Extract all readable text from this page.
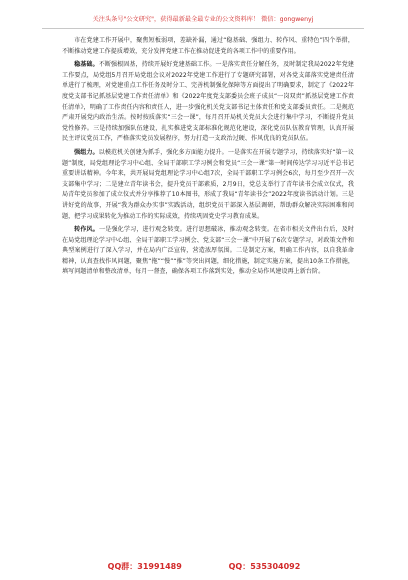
关注头条号"公文研究"，获得最新最全最专业的公文资料库！ 微信：gongwenyj

市在党建工作开展中，聚焦短板弱项，差缺补漏，通过“稳基础、强组力、转作风、重特色”四个举措，不断推动党建工作提质增效，充分发挥党建工作在推动促进党的各项工作中的重要作用。

稳基础。不断强根固基，持续开展好党建基础工作。一是落实责任分解任务，及时制定我局2022年党建工作要点，局党组5月召开局党组会议对2022年党建工作进行了专题研究部署，对各党支部落实党建责任清单进行了梳理，对党建重点工作任务及时分工、完善机制强化保障等方面提出了明确要求，制定了《2022年度党支部书记抓基层党建工作责任清单》和《2022年度党支部委员会班子成员“一岗双责”抓基层党建工作责任清单》，明确了工作责任内容和责任人，进一步强化机关党支部书记主体责任和党支部委员责任。二是规范严肃开展党内政治生活。按时按质落实“三会一课”，每月召开局机关党员大会进行集中学习，不断提升党员党性修养。三是持续加强队伍建设，扎实推进党支部标准化规范化建设，深化党员队伍教育管理，认真开展民主评议党员工作，严格落实党员发展程序，努力打造一支政治过硬、作风优良的党员队伍。

强组力。以模范机关创建为抓手，强化多方面能力提升。一是落实在开展专题学习，持续落实好“第一议题”制度，局党组理论学习中心组、全局干部职工学习例会和党员“三会一课”第一时间传达学习习近平总书记重要讲话精神。今年来，共开展局党组理论学习中心组7次，全局干部职工学习例会6次，每月至少召开一次支部集中学习；二是建立青年读书会，提升党员干部素质，2月9日，党总支举行了青年读书会成立仪式，我局青年党员参加了成立仪式并分享推荐了10本图书，形成了我局“青年读书会”2022年度读书活动计划。三是讲好党的故事，开展“我为群众办实事”实践活动，组织党员干部深入基层调研，帮助群众解决实际困难和问题，把学习成果转化为推动工作的实际成效，持续巩固党史学习教育成果。

转作风。一是强化学习，进行观念转变。进行思想破冰，推动观念转变。在省市相关文件出台后，及时在局党组理论学习中心组、全局干部职工学习例会、党支部“三会一课”中开展了6次专题学习，对政策文件和典型案例进行了深入学习，并在局内广泛宣传，营造浓厚氛围。二是制定方案，明确工作内容，以自我革命精神，认真查找作风问题，聚焦“拖”“慢”“推”等突出问题，细化措施，制定实施方案，提出10条工作措施，填写问题清单和整改清单，每月一督查，确保各项工作落到实处，推动全局作风建设再上新台阶。

QQ群：31991489	QQ：535304092
